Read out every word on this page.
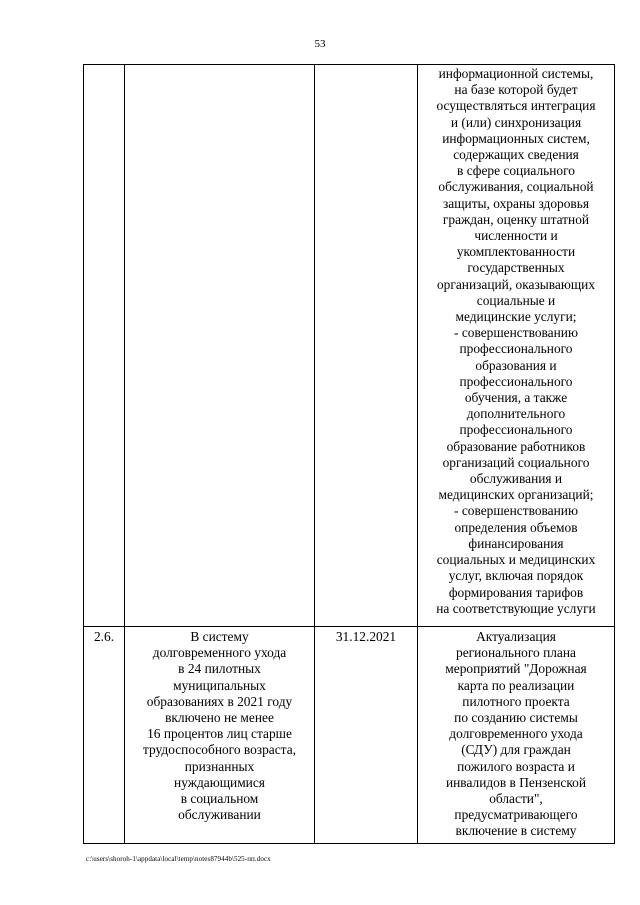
53
информационной системы,
на базе которой будет
осуществляться интеграция
и (или) синхронизация
информационных систем,
содержащих сведения
в сфере социального
обслуживания, социальной
защиты, охраны здоровья
граждан, оценку штатной
численности и
укомплектованности
государственных
организаций, оказывающих
социальные и
медицинские услуги;
- совершенствованию
профессионального
образования и
профессионального
обучения, а также
дополнительного
профессионального
образование работников
организаций социального
обслуживания и
медицинских организаций;
- совершенствованию
определения объемов
финансирования
социальных и медицинских
услуг, включая порядок
формирования тарифов
на соответствующие услуги
2.6.	В систему
долговременного ухода
в 24 пилотных
муниципальных
образованиях в 2021 году
включено не менее
16 процентов лиц старше
трудоспособного возраста,
признанных
нуждающимися
в социальном
обслуживании
31.12.2021	Актуализация
регионального плана
мероприятий "Дорожная
карта по реализации
пилотного проекта
по созданию системы
долговременного ухода
(СДУ) для граждан
пожилого возраста и
инвалидов в Пензенской
области",
предусматривающего
включение в систему
c:\users\shoroh-1\appdata\local\temp\notes87944b\525-пп.docx
